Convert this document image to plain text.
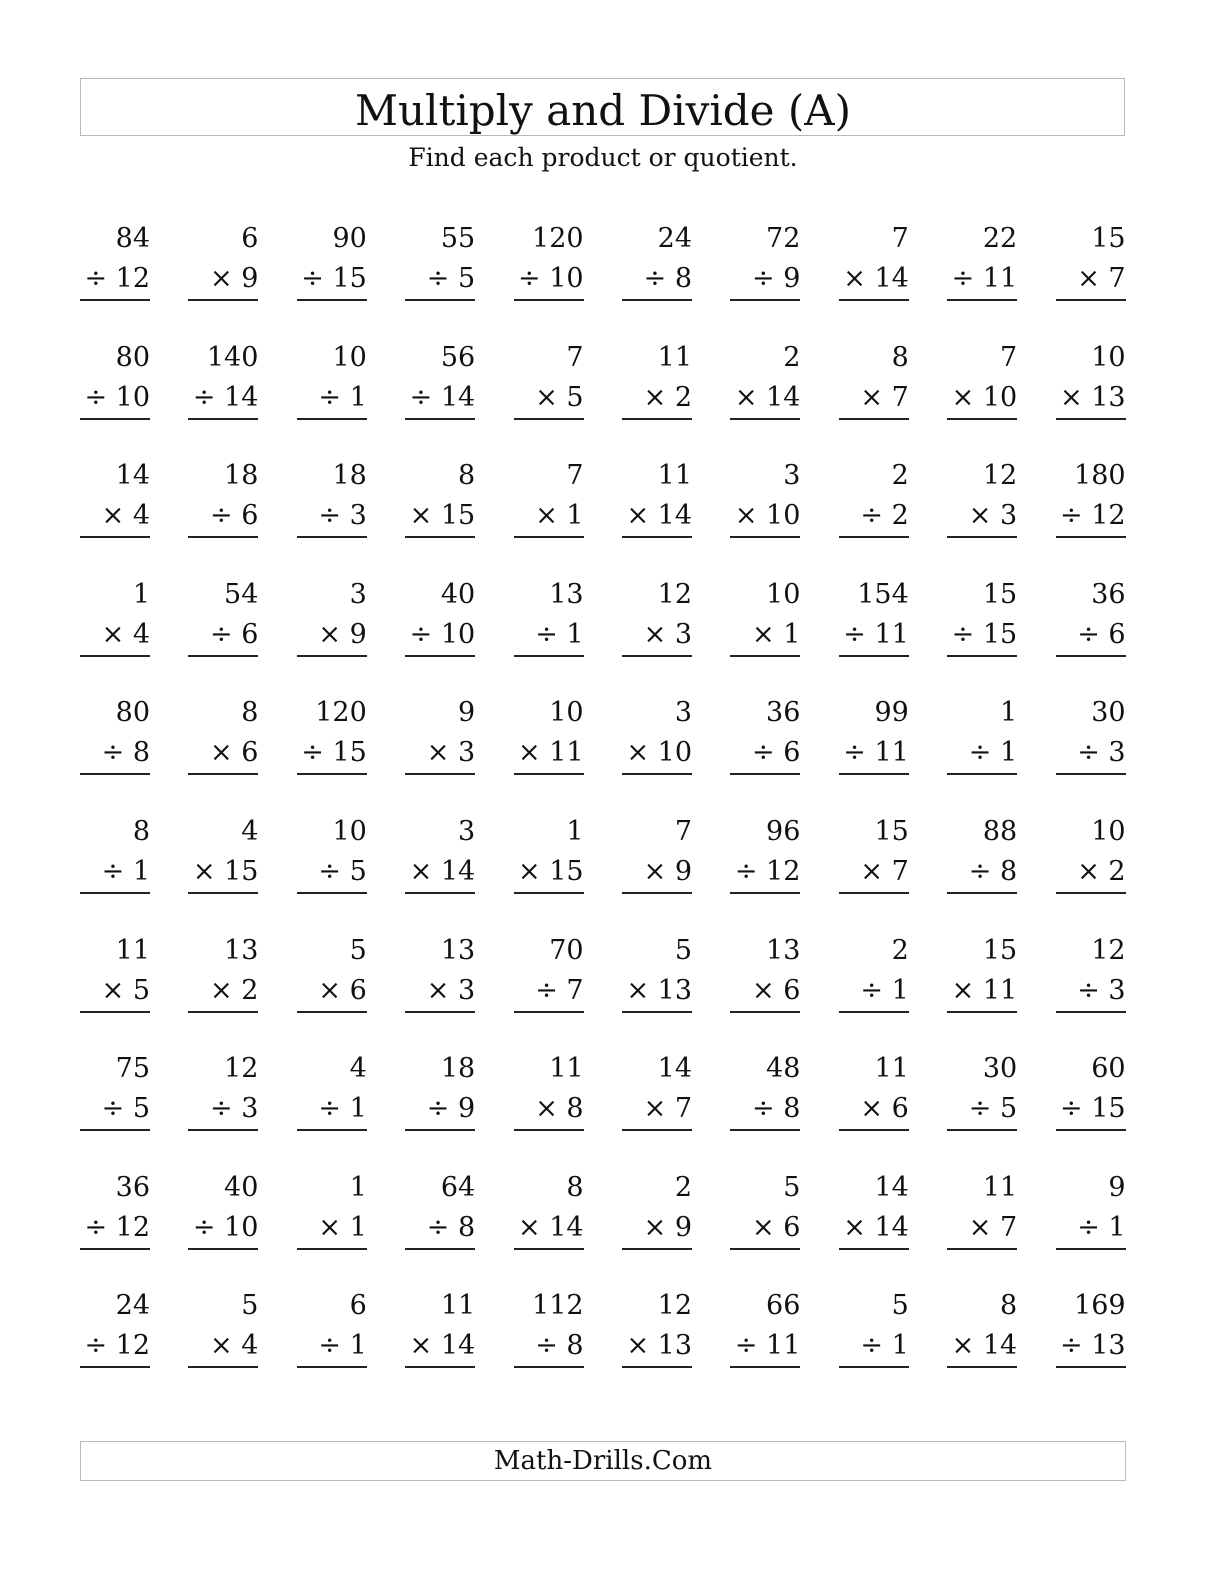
Multiply and Divide (A)
Find each product or quotient.
84
÷ 12
6
× 9
90
÷ 15
55
÷ 5
120
÷ 10
24
÷ 8
72
÷ 9
7
× 14
22
÷ 11
15
× 7
80
÷ 10
140
÷ 14
10
÷ 1
56
÷ 14
7
× 5
11
× 2
2
× 14
8
× 7
7
× 10
10
× 13
14
× 4
18
÷ 6
18
÷ 3
8
× 15
7
× 1
11
× 14
3
× 10
2
÷ 2
12
× 3
180
÷ 12
1
× 4
54
÷ 6
3
× 9
40
÷ 10
13
÷ 1
12
× 3
10
× 1
154
÷ 11
15
÷ 15
36
÷ 6
80
÷ 8
8
× 6
120
÷ 15
9
× 3
10
× 11
3
× 10
36
÷ 6
99
÷ 11
1
÷ 1
30
÷ 3
8
÷ 1
4
× 15
10
÷ 5
3
× 14
1
× 15
7
× 9
96
÷ 12
15
× 7
88
÷ 8
10
× 2
11
× 5
13
× 2
5
× 6
13
× 3
70
÷ 7
5
× 13
13
× 6
2
÷ 1
15
× 11
12
÷ 3
75
÷ 5
12
÷ 3
4
÷ 1
18
÷ 9
11
× 8
14
× 7
48
÷ 8
11
× 6
30
÷ 5
60
÷ 15
36
÷ 12
40
÷ 10
1
× 1
64
÷ 8
8
× 14
2
× 9
5
× 6
14
× 14
11
× 7
9
÷ 1
24
÷ 12
5
× 4
6
÷ 1
11
× 14
112
÷ 8
12
× 13
66
÷ 11
5
÷ 1
8
× 14
169
÷ 13
Math-Drills.Com
